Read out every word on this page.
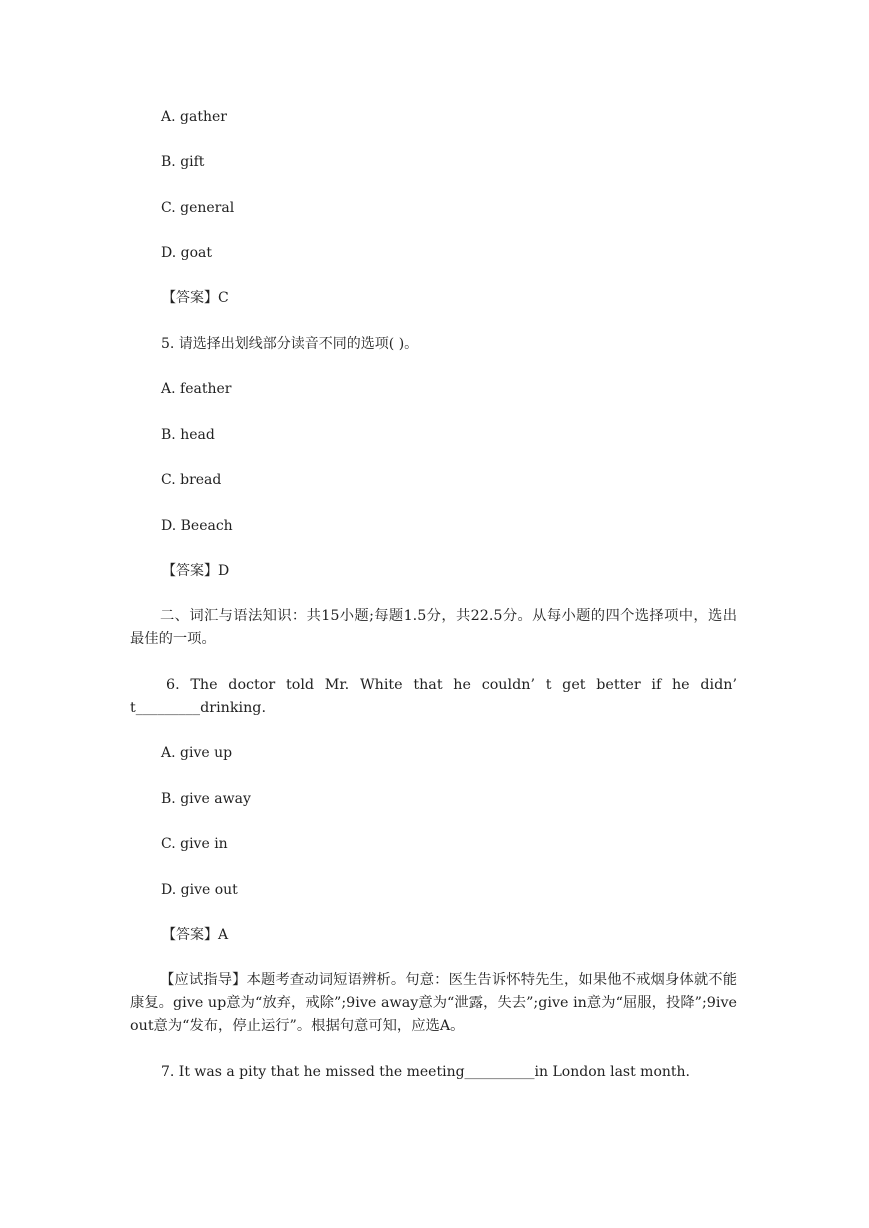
A. gather
B. gift
C. general
D. goat
【答案】C
5. 请选择出划线部分读音不同的选项( )。
A. feather
B. head
C. bread
D. Beeach
【答案】D
二、词汇与语法知识：共15小题;每题1.5分，共22.5分。从每小题的四个选择项中，选出最佳的一项。
6. The doctor told Mr. White that he couldn’ t get better if he didn’ t_________drinking.
A. give up
B. give away
C. give in
D. give out
【答案】A
【应试指导】本题考查动词短语辨析。句意：医生告诉怀特先生，如果他不戒烟身体就不能康复。give up意为“放弃，戒除”;9ive away意为“泄露，失去”;give in意为“屈服，投降”;9ive out意为“发布，停止运行”。根据句意可知，应选A。
7. It was a pity that he missed the meeting__________in London last month.
